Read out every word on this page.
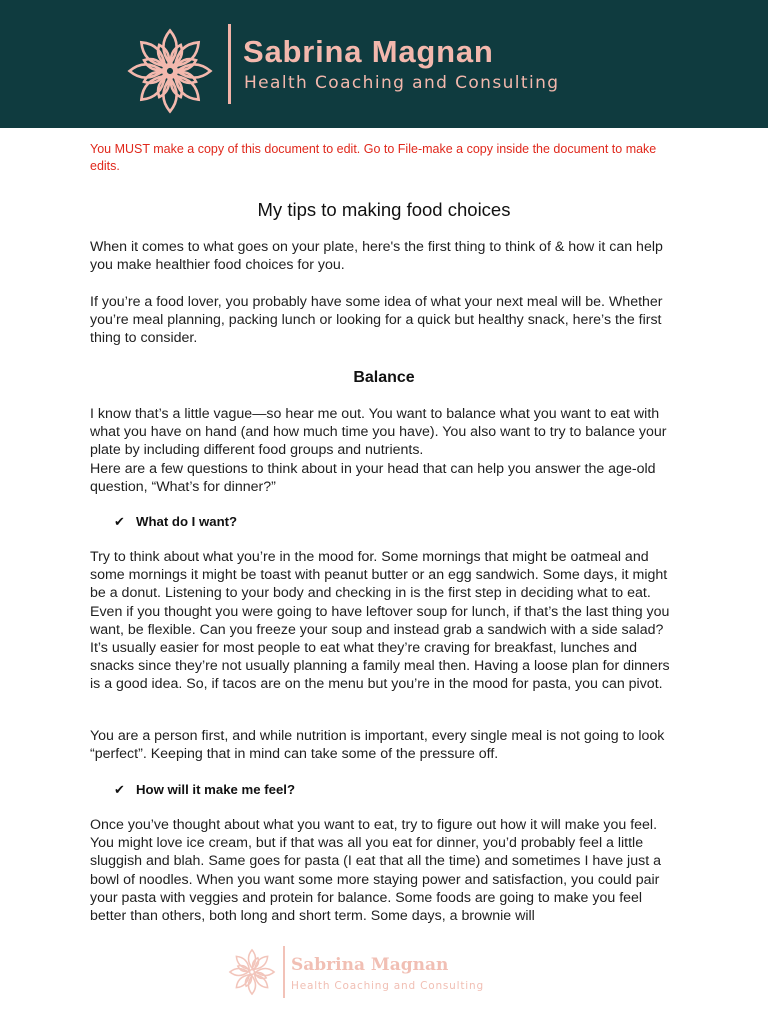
Sabrina Magnan
Health Coaching and Consulting
You MUST make a copy of this document to edit. Go to File-make a copy inside the document to make edits.
My tips to making food choices

When it comes to what goes on your plate, here's the first thing to think of & how it can help you make healthier food choices for you.

If you’re a food lover, you probably have some idea of what your next meal will be. Whether you’re meal planning, packing lunch or looking for a quick but healthy snack, here’s the first thing to consider.

Balance

I know that’s a little vague—so hear me out. You want to balance what you want to eat with what you have on hand (and how much time you have). You also want to try to balance your plate by including different food groups and nutrients.

Here are a few questions to think about in your head that can help you answer the age-old question, “What’s for dinner?”

✔ What do I want?

Try to think about what you’re in the mood for. Some mornings that might be oatmeal and some mornings it might be toast with peanut butter or an egg sandwich. Some days, it might be a donut. Listening to your body and checking in is the first step in deciding what to eat. Even if you thought you were going to have leftover soup for lunch, if that’s the last thing you want, be flexible. Can you freeze your soup and instead grab a sandwich with a side salad? It’s usually easier for most people to eat what they’re craving for breakfast, lunches and snacks since they’re not usually planning a family meal then. Having a loose plan for dinners is a good idea. So, if tacos are on the menu but you’re in the mood for pasta, you can pivot.

You are a person first, and while nutrition is important, every single meal is not going to look “perfect”. Keeping that in mind can take some of the pressure off.

✔ How will it make me feel?

Once you’ve thought about what you want to eat, try to figure out how it will make you feel. You might love ice cream, but if that was all you eat for dinner, you’d probably feel a little sluggish and blah. Same goes for pasta (I eat that all the time) and sometimes I have just a bowl of noodles. When you want some more staying power and satisfaction, you could pair your pasta with veggies and protein for balance. Some foods are going to make you feel better than others, both long and short term. Some days, a brownie will

Sabrina Magnan
Health Coaching and Consulting
